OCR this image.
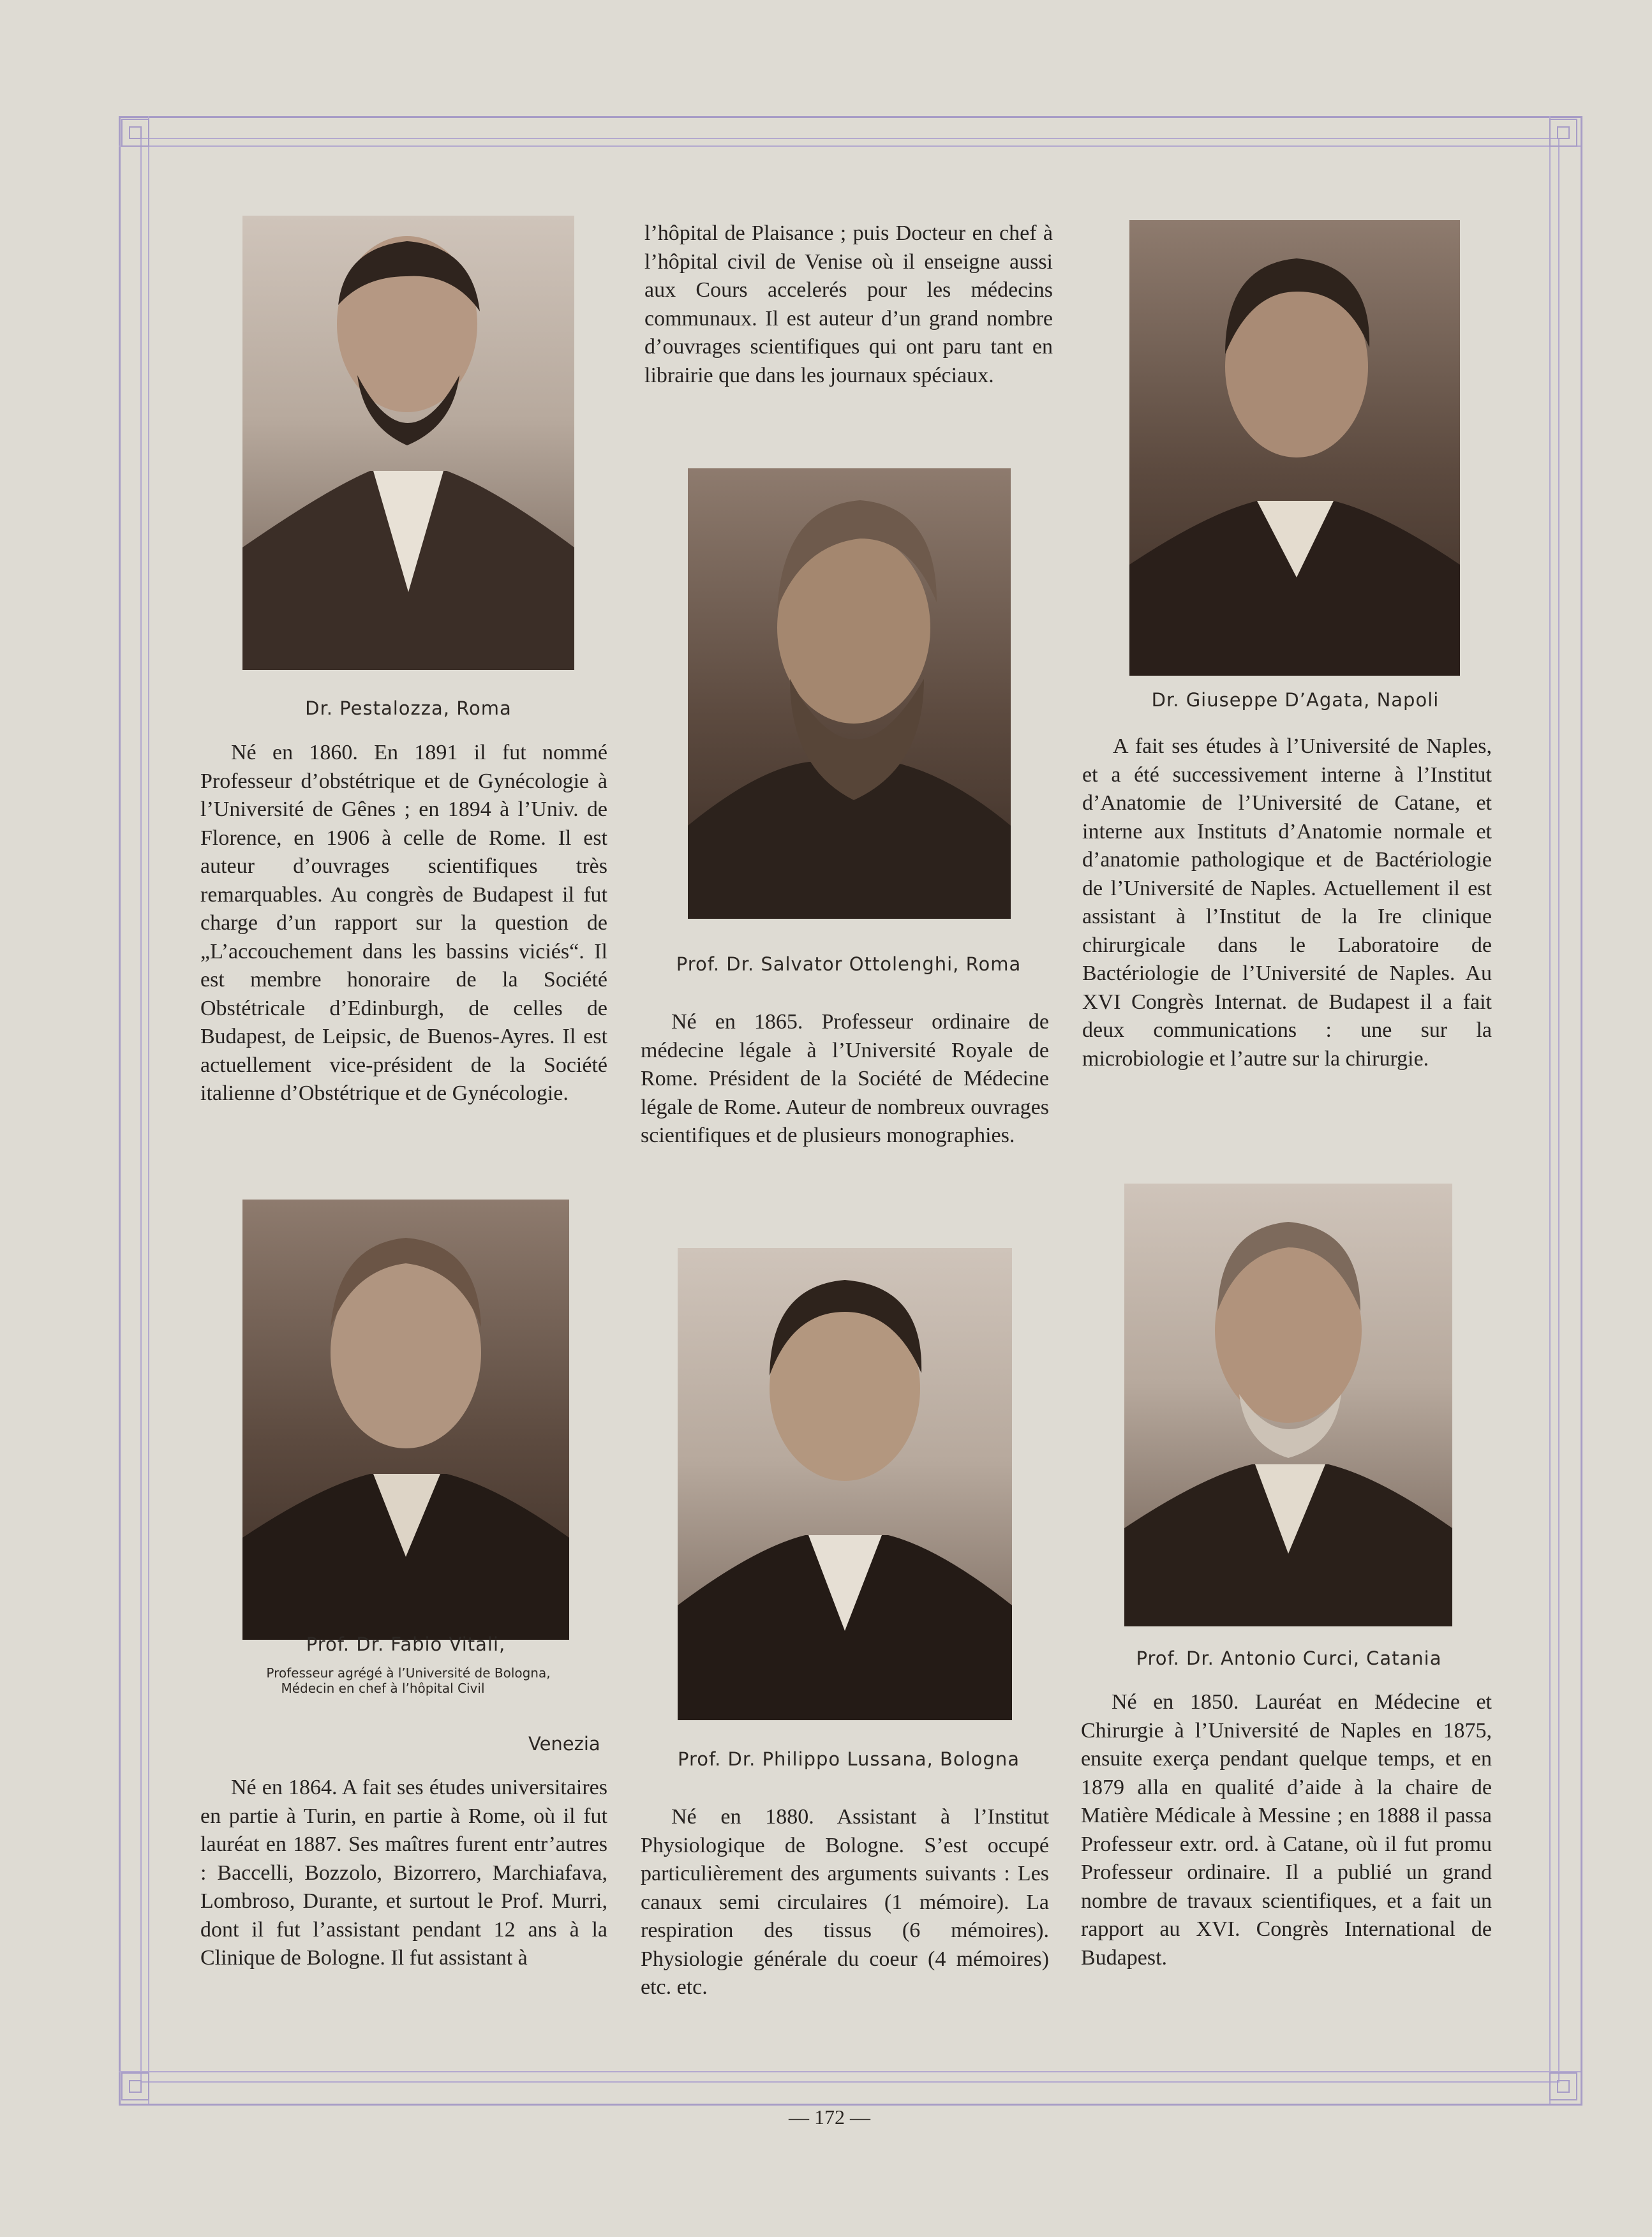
Dr. Pestalozza, Roma
Né en 1860. En 1891 il fut nommé Professeur d’obstétrique et de Gynécologie à l’Université de Gênes ; en 1894 à l’Univ. de Florence, en 1906 à celle de Rome. Il est auteur d’ouvrages scientifiques très remarquables. Au congrès de Budapest il fut charge d’un rapport sur la question de „L’accouchement dans les bassins viciés“. Il est membre honoraire de la Société Obstétricale d’Edinburgh, de celles de Budapest, de Leipsic, de Buenos-Ayres. Il est actuellement vice-président de la Société italienne d’Obstétrique et de Gynécologie.
l’hôpital de Plaisance ; puis Docteur en chef à l’hôpital civil de Venise où il enseigne aussi aux Cours accelerés pour les médecins communaux. Il est auteur d’un grand nombre d’ouvrages scientifiques qui ont paru tant en librairie que dans les journaux spéciaux.
Prof. Dr. Salvator Ottolenghi, Roma
Né en 1865. Professeur ordinaire de médecine légale à l’Université Royale de Rome. Président de la Société de Médecine légale de Rome. Auteur de nombreux ouvrages scientifiques et de plusieurs monographies.
Dr. Giuseppe D’Agata, Napoli
A fait ses études à l’Université de Naples, et a été successivement interne à l’Institut d’Anatomie de l’Université de Catane, et interne aux Instituts d’Anatomie normale et d’anatomie pathologique et de Bactériologie de l’Université de Naples. Actuellement il est assistant à l’Institut de la Ire clinique chirurgicale dans le Laboratoire de Bactériologie de l’Université de Naples. Au XVI Congrès Internat. de Budapest il a fait deux communications : une sur la microbiologie et l’autre sur la chirurgie.
Prof. Dr. Fabio Vitali,
Professeur agrégé à l’Université de Bologna,
Médecin en chef à l’hôpital Civil
Venezia
Né en 1864. A fait ses études universitaires en partie à Turin, en partie à Rome, où il fut lauréat en 1887. Ses maîtres furent entr’autres : Baccelli, Bozzolo, Bizorrero, Marchiafava, Lombroso, Durante, et surtout le Prof. Murri, dont il fut l’assistant pendant 12 ans à la Clinique de Bologne. Il fut assistant à
Prof. Dr. Philippo Lussana, Bologna
Né en 1880. Assistant à l’Institut Physiologique de Bologne. S’est occupé particulièrement des arguments suivants : Les canaux semi circulaires (1 mémoire). La respiration des tissus (6 mémoires). Physiologie générale du coeur (4 mémoires) etc. etc.
Prof. Dr. Antonio Curci, Catania
Né en 1850. Lauréat en Médecine et Chirurgie à l’Université de Naples en 1875, ensuite exerça pendant quelque temps, et en 1879 alla en qualité d’aide à la chaire de Matière Médicale à Messine ; en 1888 il passa Professeur extr. ord. à Catane, où il fut promu Professeur ordinaire. Il a publié un grand nombre de travaux scientifiques, et a fait un rapport au XVI. Congrès International de Budapest.
— 172 —
